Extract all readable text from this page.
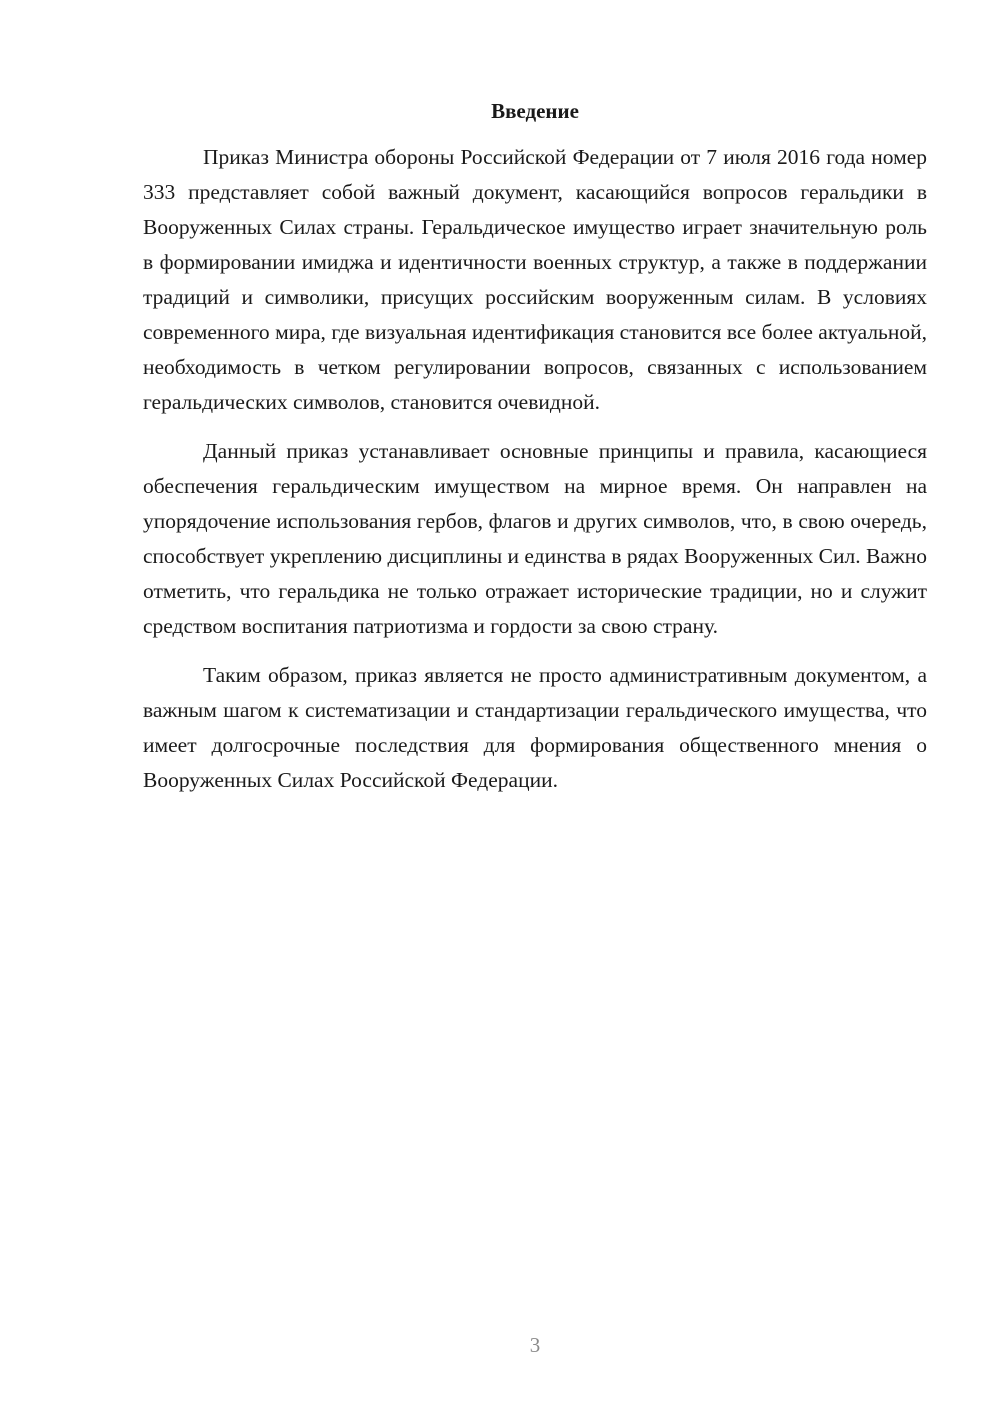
Введение

Приказ Министра обороны Российской Федерации от 7 июля 2016 года номер 333 представляет собой важный документ, касающийся вопросов геральдики в Вооруженных Силах страны. Геральдическое имущество играет значительную роль в формировании имиджа и идентичности военных структур, а также в поддержании традиций и символики, присущих российским вооруженным силам. В условиях современного мира, где визуальная идентификация становится все более актуальной, необходимость в четком регулировании вопросов, связанных с использованием геральдических символов, становится очевидной.

Данный приказ устанавливает основные принципы и правила, касающиеся обеспечения геральдическим имуществом на мирное время. Он направлен на упорядочение использования гербов, флагов и других символов, что, в свою очередь, способствует укреплению дисциплины и единства в рядах Вооруженных Сил. Важно отметить, что геральдика не только отражает исторические традиции, но и служит средством воспитания патриотизма и гордости за свою страну.

Таким образом, приказ является не просто административным документом, а важным шагом к систематизации и стандартизации геральдического имущества, что имеет долгосрочные последствия для формирования общественного мнения о Вооруженных Силах Российской Федерации.

3
